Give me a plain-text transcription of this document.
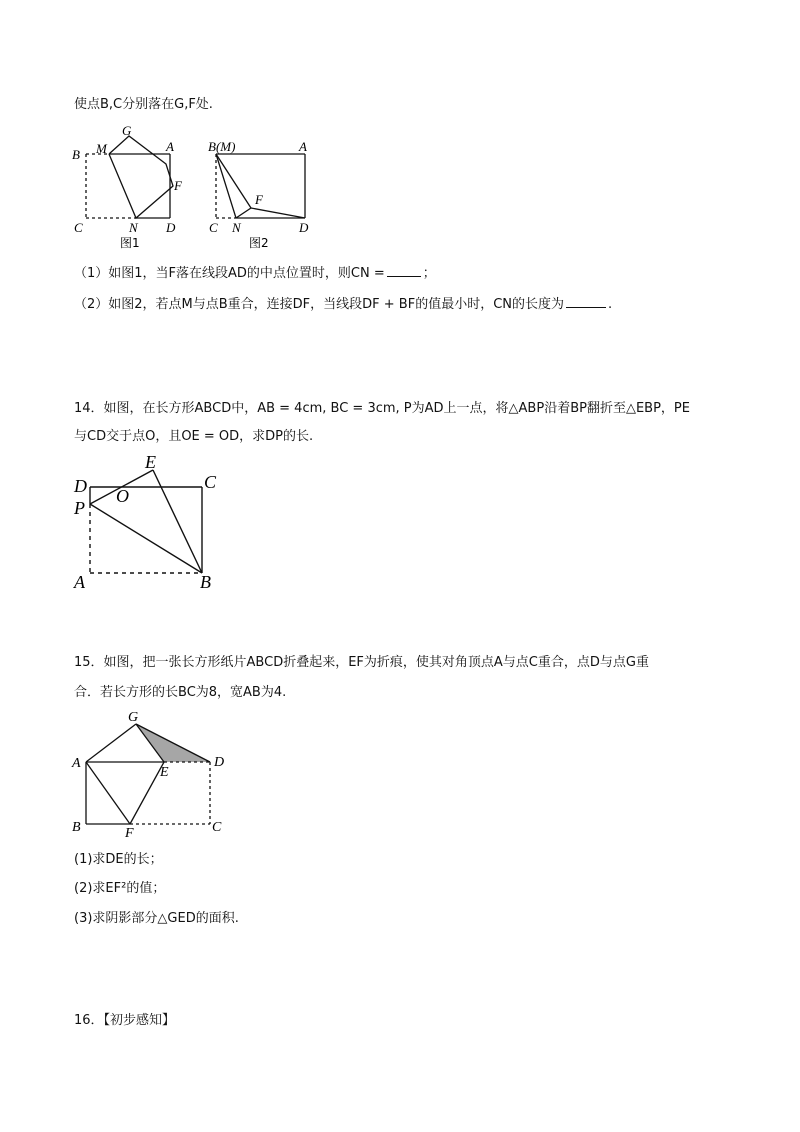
使点B,C分别落在G,F处.
G
M	A
B
F
C	N D
图1
B(M)	A
F
C N	D
图2
（1）如图1，当F落在线段AD的中点位置时，则CN =	；
（2）如图2，若点M与点B重合，连接DF，当线段DF + BF的值最小时，CN的长度为	.
14．如图，在长方形ABCD中，AB = 4cm, BC = 3cm, P为AD上一点，将△ABP沿着BP翻折至△EBP，PE
与CD交于点O，且OE = OD，求DP的长.
D
E
C
O
P
A	B
15．如图，把一张长方形纸片ABCD折叠起来，EF为折痕，使其对角顶点A与点C重合，点D与点G重
合．若长方形的长BC为8，宽AB为4.
G
A
E
D
B	F	C
(1)求DE的长；
(2)求EF²的值；
(3)求阴影部分△GED的面积.
16．【初步感知】
